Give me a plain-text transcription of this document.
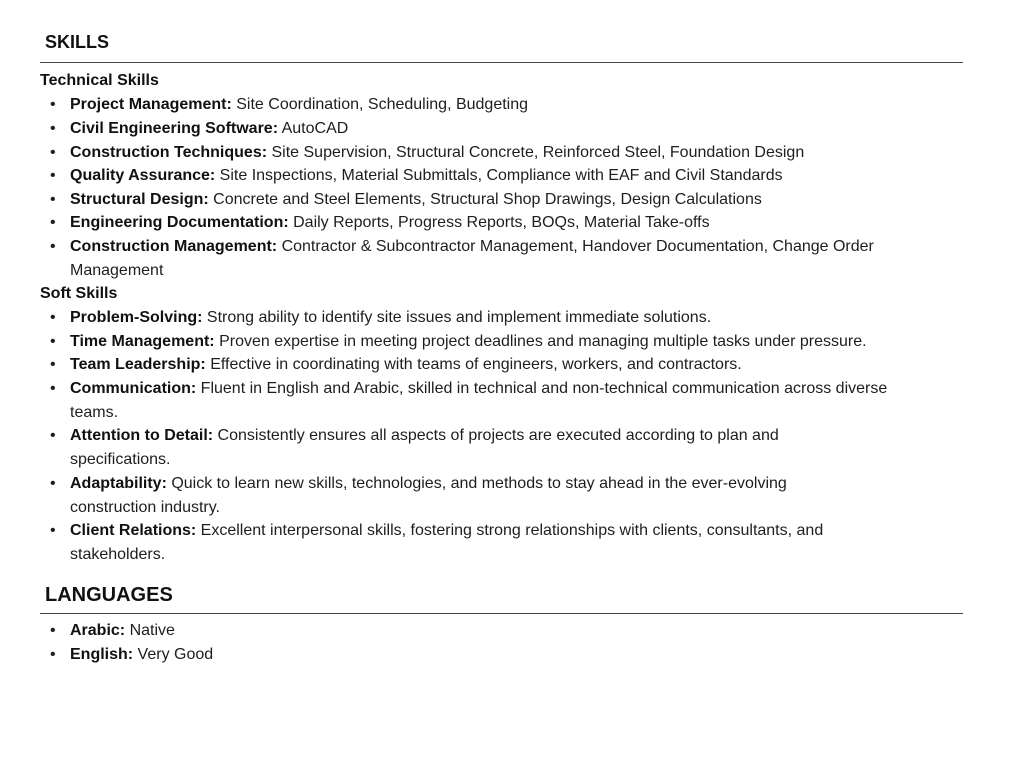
SKILLS
Technical Skills
• Project Management: Site Coordination, Scheduling, Budgeting
• Civil Engineering Software: AutoCAD
• Construction Techniques: Site Supervision, Structural Concrete, Reinforced Steel, Foundation Design
• Quality Assurance: Site Inspections, Material Submittals, Compliance with EAF and Civil Standards
• Structural Design: Concrete and Steel Elements, Structural Shop Drawings, Design Calculations
• Engineering Documentation: Daily Reports, Progress Reports, BOQs, Material Take-offs
• Construction Management: Contractor & Subcontractor Management, Handover Documentation, Change Order Management
Soft Skills
• Problem-Solving: Strong ability to identify site issues and implement immediate solutions.
• Time Management: Proven expertise in meeting project deadlines and managing multiple tasks under pressure.
• Team Leadership: Effective in coordinating with teams of engineers, workers, and contractors.
• Communication: Fluent in English and Arabic, skilled in technical and non-technical communication across diverse teams.
• Attention to Detail: Consistently ensures all aspects of projects are executed according to plan and specifications.
• Adaptability: Quick to learn new skills, technologies, and methods to stay ahead in the ever-evolving construction industry.
• Client Relations: Excellent interpersonal skills, fostering strong relationships with clients, consultants, and stakeholders.
LANGUAGES
• Arabic: Native
• English: Very Good
